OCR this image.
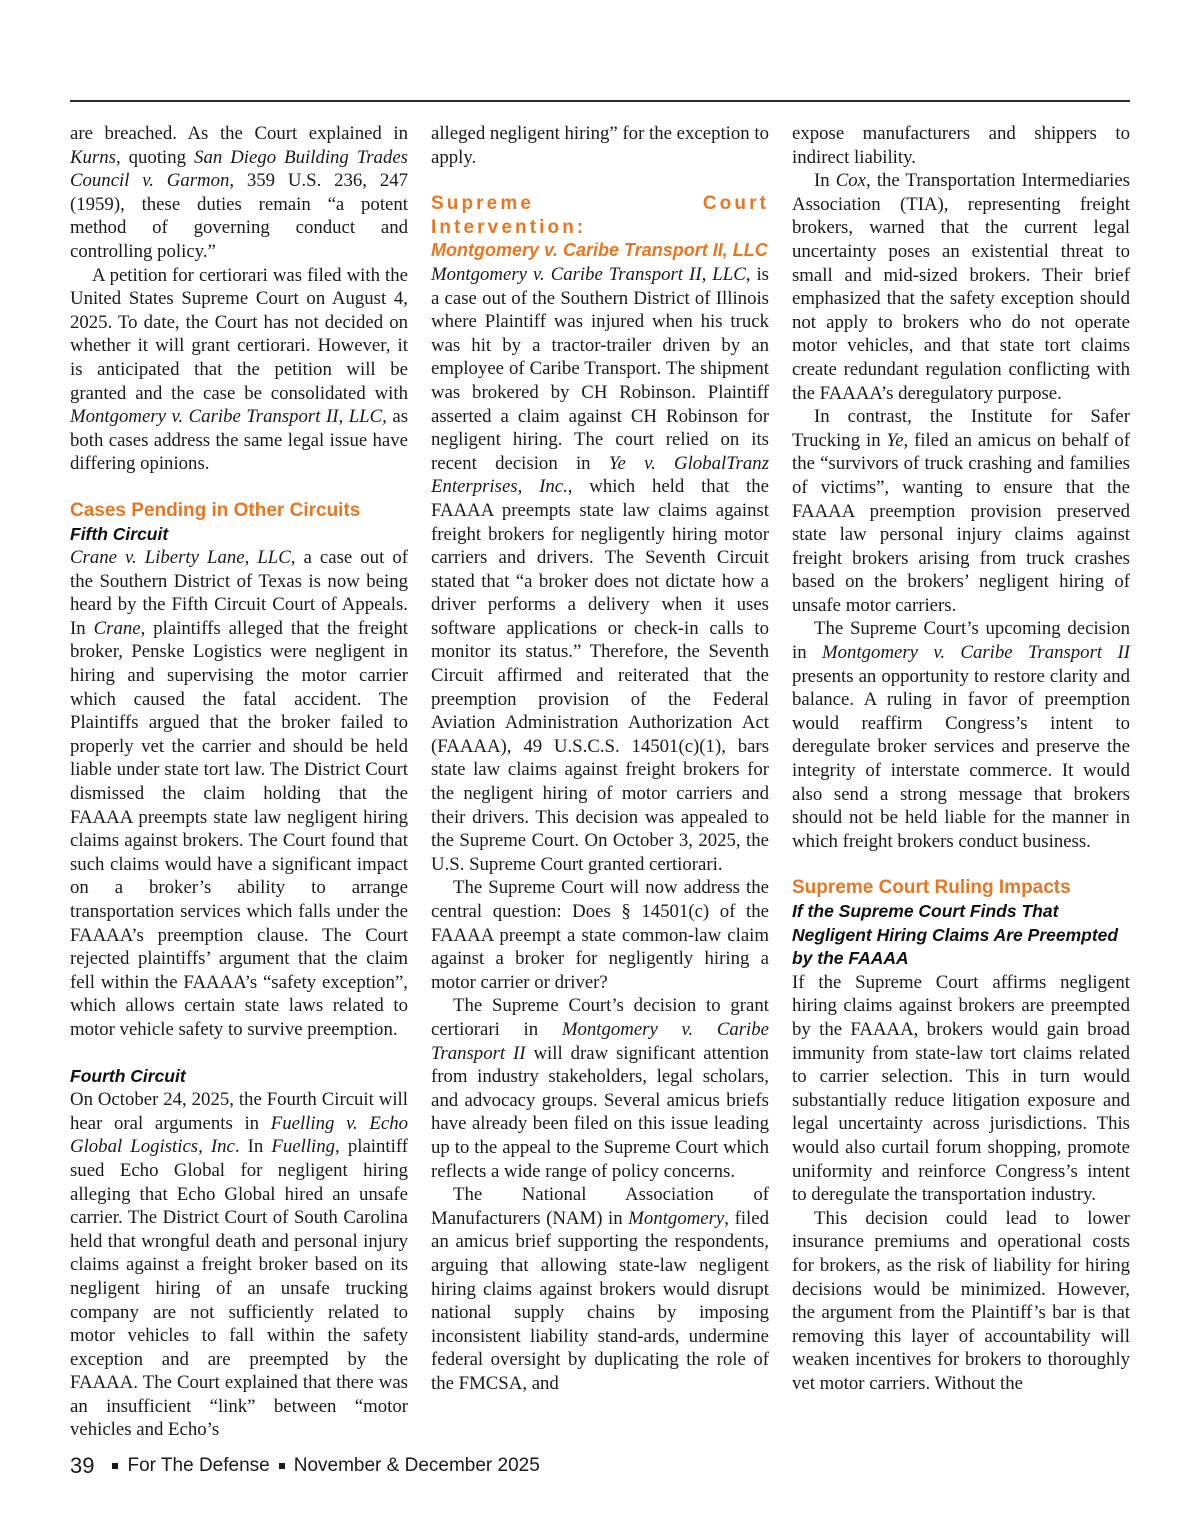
are breached. As the Court explained in Kurns, quoting San Diego Building Trades Council v. Garmon, 359 U.S. 236, 247 (1959), these duties remain “a potent method of governing conduct and controlling policy.”

A petition for certiorari was filed with the United States Supreme Court on August 4, 2025. To date, the Court has not decided on whether it will grant certiorari. However, it is anticipated that the petition will be granted and the case be consolidated with Montgomery v. Caribe Transport II, LLC, as both cases address the same legal issue have differing opinions.

Cases Pending in Other Circuits

Fifth Circuit

Crane v. Liberty Lane, LLC, a case out of the Southern District of Texas is now being heard by the Fifth Circuit Court of Appeals. In Crane, plaintiffs alleged that the freight broker, Penske Logistics were negligent in hiring and supervising the motor carrier which caused the fatal accident. The Plaintiffs argued that the broker failed to properly vet the carrier and should be held liable under state tort law. The District Court dismissed the claim holding that the FAAAA preempts state law negligent hiring claims against brokers. The Court found that such claims would have a significant impact on a broker’s ability to arrange transportation services which falls under the FAAAA’s preemption clause. The Court rejected plaintiffs’ argument that the claim fell within the FAAAA’s “safety exception”, which allows certain state laws related to motor vehicle safety to survive preemption.

Fourth Circuit

On October 24, 2025, the Fourth Circuit will hear oral arguments in Fuelling v. Echo Global Logistics, Inc. In Fuelling, plaintiff sued Echo Global for negligent hiring alleging that Echo Global hired an unsafe carrier. The District Court of South Carolina held that wrongful death and personal injury claims against a freight broker based on its negligent hiring of an unsafe trucking company are not sufficiently related to motor vehicles to fall within the safety exception and are preempted by the FAAAA. The Court explained that there was an insufficient “link” between “motor vehicles and Echo’s

alleged negligent hiring” for the exception to apply.

Supreme Court Intervention:

Montgomery v. Caribe Transport II, LLC

Montgomery v. Caribe Transport II, LLC, is a case out of the Southern District of Illinois where Plaintiff was injured when his truck was hit by a tractor-trailer driven by an employee of Caribe Transport. The shipment was brokered by CH Robinson. Plaintiff asserted a claim against CH Robinson for negligent hiring. The court relied on its recent decision in Ye v. GlobalTranz Enterprises, Inc., which held that the FAAAA preempts state law claims against freight brokers for negligently hiring motor carriers and drivers. The Seventh Circuit stated that “a broker does not dictate how a driver performs a delivery when it uses software applications or check-in calls to monitor its status.” Therefore, the Seventh Circuit affirmed and reiterated that the preemption provision of the Federal Aviation Administration Authorization Act (FAAAA), 49 U.S.C.S. 14501(c)(1), bars state law claims against freight brokers for the negligent hiring of motor carriers and their drivers. This decision was appealed to the Supreme Court. On October 3, 2025, the U.S. Supreme Court granted certiorari.

The Supreme Court will now address the central question: Does § 14501(c) of the FAAAA preempt a state common-law claim against a broker for negligently hiring a motor carrier or driver?

The Supreme Court’s decision to grant certiorari in Montgomery v. Caribe Transport II will draw significant attention from industry stakeholders, legal scholars, and advocacy groups. Several amicus briefs have already been filed on this issue leading up to the appeal to the Supreme Court which reflects a wide range of policy concerns.

The National Association of Manufacturers (NAM) in Montgomery, filed an amicus brief supporting the respondents, arguing that allowing state-law negligent hiring claims against brokers would disrupt national supply chains by imposing inconsistent liability stand-ards, undermine federal oversight by duplicating the role of the FMCSA, and

expose manufacturers and shippers to indirect liability.

In Cox, the Transportation Intermediaries Association (TIA), representing freight brokers, warned that the current legal uncertainty poses an existential threat to small and mid-sized brokers. Their brief emphasized that the safety exception should not apply to brokers who do not operate motor vehicles, and that state tort claims create redundant regulation conflicting with the FAAAA’s deregulatory purpose.

In contrast, the Institute for Safer Trucking in Ye, filed an amicus on behalf of the “survivors of truck crashing and families of victims”, wanting to ensure that the FAAAA preemption provision preserved state law personal injury claims against freight brokers arising from truck crashes based on the brokers’ negligent hiring of unsafe motor carriers.

The Supreme Court’s upcoming decision in Montgomery v. Caribe Transport II presents an opportunity to restore clarity and balance. A ruling in favor of preemption would reaffirm Congress’s intent to deregulate broker services and preserve the integrity of interstate commerce. It would also send a strong message that brokers should not be held liable for the manner in which freight brokers conduct business.

Supreme Court Ruling Impacts

If the Supreme Court Finds That Negligent Hiring Claims Are Preempted by the FAAAA

If the Supreme Court affirms negligent hiring claims against brokers are preempted by the FAAAA, brokers would gain broad immunity from state-law tort claims related to carrier selection. This in turn would substantially reduce litigation exposure and legal uncertainty across jurisdictions. This would also curtail forum shopping, promote uniformity and reinforce Congress’s intent to deregulate the transportation industry.

This decision could lead to lower insurance premiums and operational costs for brokers, as the risk of liability for hiring decisions would be minimized. However, the argument from the Plaintiff’s bar is that removing this layer of accountability will weaken incentives for brokers to thoroughly vet motor carriers. Without the

39 For The Defense November & December 2025
